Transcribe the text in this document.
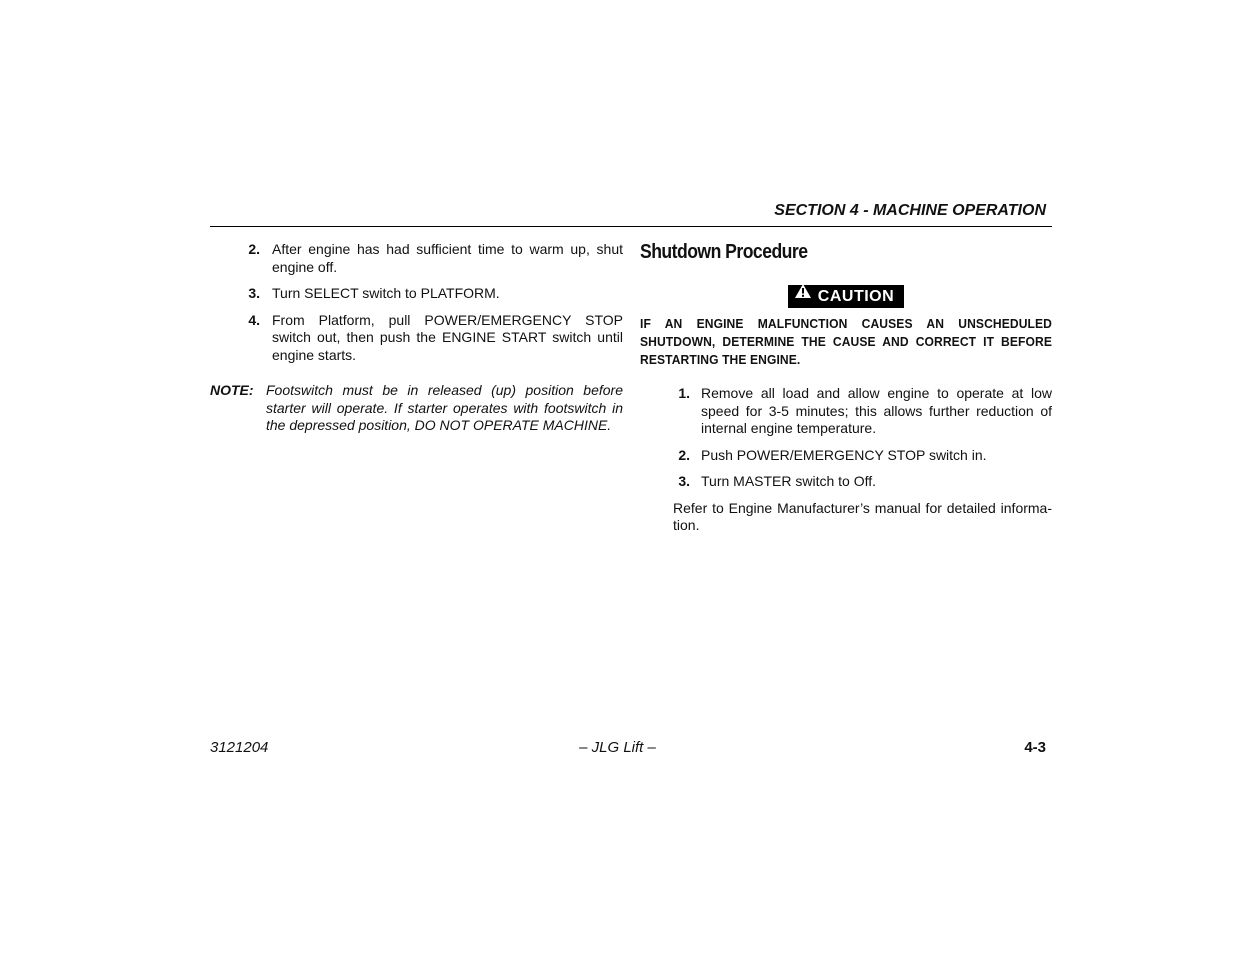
SECTION 4 - MACHINE OPERATION
2. After engine has had sufficient time to warm up, shut engine off.
3. Turn SELECT switch to PLATFORM.
4. From Platform, pull POWER/EMERGENCY STOP switch out, then push the ENGINE START switch until engine starts.
NOTE: Footswitch must be in released (up) position before starter will operate. If starter operates with footswitch in the depressed position, DO NOT OPERATE MACHINE.
Shutdown Procedure
CAUTION
IF AN ENGINE MALFUNCTION CAUSES AN UNSCHEDULED SHUTDOWN, DETERMINE THE CAUSE AND CORRECT IT BEFORE RESTARTING THE ENGINE.
1. Remove all load and allow engine to operate at low speed for 3-5 minutes; this allows further reduction of internal engine temperature.
2. Push POWER/EMERGENCY STOP switch in.
3. Turn MASTER switch to Off.
Refer to Engine Manufacturer’s manual for detailed informa-tion.
3121204	– JLG Lift –	4-3
